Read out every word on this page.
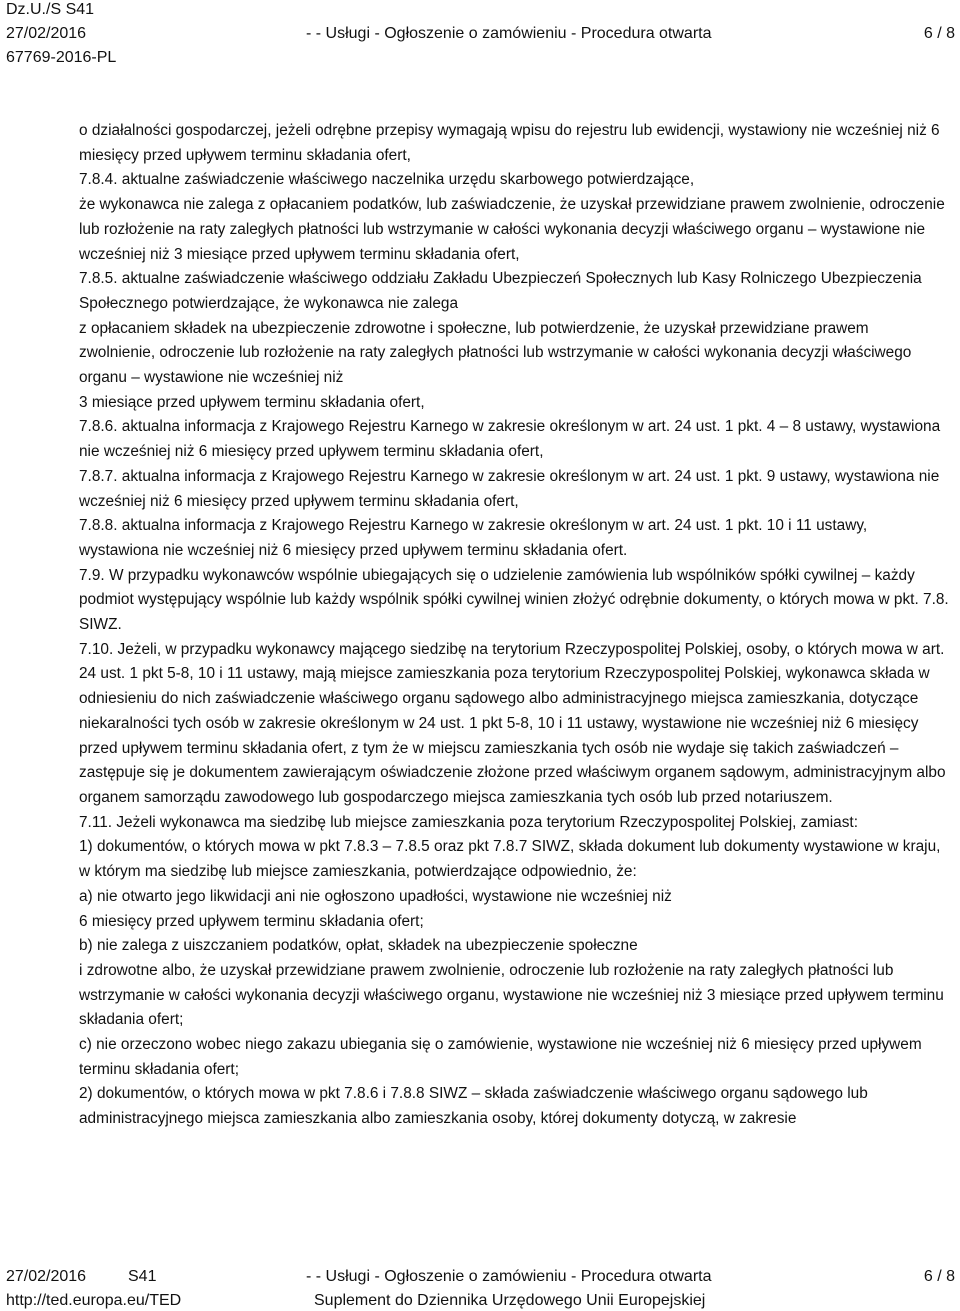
Dz.U./S S41
27/02/2016	- - Usługi - Ogłoszenie o zamówieniu - Procedura otwarta	6 / 8
67769-2016-PL

o działalności gospodarczej, jeżeli odrębne przepisy wymagają wpisu do rejestru lub ewidencji, wystawiony nie wcześniej niż 6 miesięcy przed upływem terminu składania ofert,

7.8.4. aktualne zaświadczenie właściwego naczelnika urzędu skarbowego potwierdzające,

że wykonawca nie zalega z opłacaniem podatków, lub zaświadczenie, że uzyskał przewidziane prawem zwolnienie, odroczenie lub rozłożenie na raty zaległych płatności lub wstrzymanie w całości wykonania decyzji właściwego organu – wystawione nie wcześniej niż 3 miesiące przed upływem terminu składania ofert,

7.8.5. aktualne zaświadczenie właściwego oddziału Zakładu Ubezpieczeń Społecznych lub Kasy Rolniczego Ubezpieczenia Społecznego potwierdzające, że wykonawca nie zalega

z opłacaniem składek na ubezpieczenie zdrowotne i społeczne, lub potwierdzenie, że uzyskał przewidziane prawem zwolnienie, odroczenie lub rozłożenie na raty zaległych płatności lub wstrzymanie w całości wykonania decyzji właściwego organu – wystawione nie wcześniej niż

3 miesiące przed upływem terminu składania ofert,

7.8.6. aktualna informacja z Krajowego Rejestru Karnego w zakresie określonym w art. 24 ust. 1 pkt. 4 – 8 ustawy, wystawiona nie wcześniej niż 6 miesięcy przed upływem terminu składania ofert,

7.8.7. aktualna informacja z Krajowego Rejestru Karnego w zakresie określonym w art. 24 ust. 1 pkt. 9 ustawy, wystawiona nie wcześniej niż 6 miesięcy przed upływem terminu składania ofert,

7.8.8. aktualna informacja z Krajowego Rejestru Karnego w zakresie określonym w art. 24 ust. 1 pkt. 10 i 11 ustawy, wystawiona nie wcześniej niż 6 miesięcy przed upływem terminu składania ofert.

7.9. W przypadku wykonawców wspólnie ubiegających się o udzielenie zamówienia lub wspólników spółki cywilnej – każdy podmiot występujący wspólnie lub każdy wspólnik spółki cywilnej winien złożyć odrębnie dokumenty, o których mowa w pkt. 7.8. SIWZ.

7.10. Jeżeli, w przypadku wykonawcy mającego siedzibę na terytorium Rzeczypospolitej Polskiej, osoby, o których mowa w art. 24 ust. 1 pkt 5-8, 10 i 11 ustawy, mają miejsce zamieszkania poza terytorium Rzeczypospolitej Polskiej, wykonawca składa w odniesieniu do nich zaświadczenie właściwego organu sądowego albo administracyjnego miejsca zamieszkania, dotyczące niekaralności tych osób w zakresie określonym w 24 ust. 1 pkt 5-8, 10 i 11 ustawy, wystawione nie wcześniej niż 6 miesięcy przed upływem terminu składania ofert, z tym że w miejscu zamieszkania tych osób nie wydaje się takich zaświadczeń – zastępuje się je dokumentem zawierającym oświadczenie złożone przed właściwym organem sądowym, administracyjnym albo organem samorządu zawodowego lub gospodarczego miejsca zamieszkania tych osób lub przed notariuszem.

7.11. Jeżeli wykonawca ma siedzibę lub miejsce zamieszkania poza terytorium Rzeczypospolitej Polskiej, zamiast:

1) dokumentów, o których mowa w pkt 7.8.3 – 7.8.5 oraz pkt 7.8.7 SIWZ, składa dokument lub dokumenty wystawione w kraju, w którym ma siedzibę lub miejsce zamieszkania, potwierdzające odpowiednio, że:

a) nie otwarto jego likwidacji ani nie ogłoszono upadłości, wystawione nie wcześniej niż

6 miesięcy przed upływem terminu składania ofert;

b) nie zalega z uiszczaniem podatków, opłat, składek na ubezpieczenie społeczne

i zdrowotne albo, że uzyskał przewidziane prawem zwolnienie, odroczenie lub rozłożenie na raty zaległych płatności lub wstrzymanie w całości wykonania decyzji właściwego organu, wystawione nie wcześniej niż 3 miesiące przed upływem terminu składania ofert;

c) nie orzeczono wobec niego zakazu ubiegania się o zamówienie, wystawione nie wcześniej niż 6 miesięcy przed upływem terminu składania ofert;

2) dokumentów, o których mowa w pkt 7.8.6 i 7.8.8 SIWZ – składa zaświadczenie właściwego organu sądowego lub administracyjnego miejsca zamieszkania albo zamieszkania osoby, której dokumenty dotyczą, w zakresie

27/02/2016	S41	- - Usługi - Ogłoszenie o zamówieniu - Procedura otwarta	6 / 8
http://ted.europa.eu/TED	Suplement do Dziennika Urzędowego Unii Europejskiej
